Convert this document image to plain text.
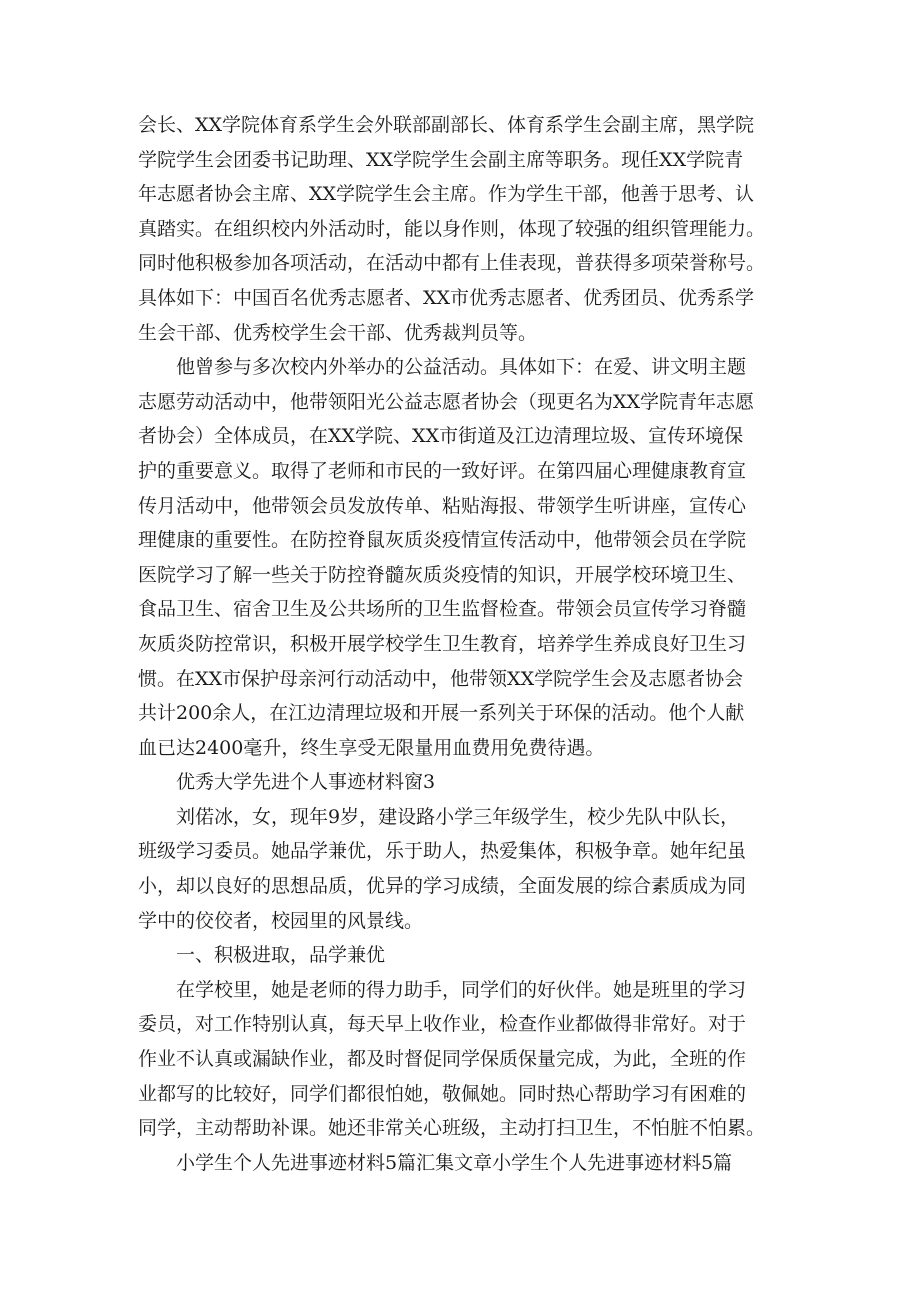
会长、XX学院体育系学生会外联部副部长、体育系学生会副主席，黑学院
学院学生会团委书记助理、XX学院学生会副主席等职务。现任XX学院青
年志愿者协会主席、XX学院学生会主席。作为学生干部，他善于思考、认
真踏实。在组织校内外活动时，能以身作则，体现了较强的组织管理能力。
同时他积极参加各项活动，在活动中都有上佳表现，普获得多项荣誉称号。
具体如下：中国百名优秀志愿者、XX市优秀志愿者、优秀团员、优秀系学
生会干部、优秀校学生会干部、优秀裁判员等。
他曾参与多次校内外举办的公益活动。具体如下：在爱、讲文明主题
志愿劳动活动中，他带领阳光公益志愿者协会（现更名为XX学院青年志愿
者协会）全体成员，在XX学院、XX市街道及江边清理垃圾、宣传环境保
护的重要意义。取得了老师和市民的一致好评。在第四届心理健康教育宣
传月活动中，他带领会员发放传单、粘贴海报、带领学生听讲座，宣传心
理健康的重要性。在防控脊鼠灰质炎疫情宣传活动中，他带领会员在学院
医院学习了解一些关于防控脊髓灰质炎疫情的知识，开展学校环境卫生、
食品卫生、宿舍卫生及公共场所的卫生监督检查。带领会员宣传学习脊髓
灰质炎防控常识，积极开展学校学生卫生教育，培养学生养成良好卫生习
惯。在XX市保护母亲河行动活动中，他带领XX学院学生会及志愿者协会
共计200余人，在江边清理垃圾和开展一系列关于环保的活动。他个人献
血已达2400毫升，终生享受无限量用血费用免费待遇。
优秀大学先进个人事迹材料窗3
刘偌冰，女，现年9岁，建设路小学三年级学生，校少先队中队长，
班级学习委员。她品学兼优，乐于助人，热爱集体，积极争章。她年纪虽
小，却以良好的思想品质，优异的学习成绩，全面发展的综合素质成为同
学中的佼佼者，校园里的风景线。
一、积极进取，品学兼优
在学校里，她是老师的得力助手，同学们的好伙伴。她是班里的学习
委员，对工作特别认真，每天早上收作业，检查作业都做得非常好。对于
作业不认真或漏缺作业，都及时督促同学保质保量完成，为此，全班的作
业都写的比较好，同学们都很怕她，敬佩她。同时热心帮助学习有困难的
同学，主动帮助补课。她还非常关心班级，主动打扫卫生，不怕脏不怕累。
小学生个人先进事迹材料5篇汇集文章小学生个人先进事迹材料5篇
